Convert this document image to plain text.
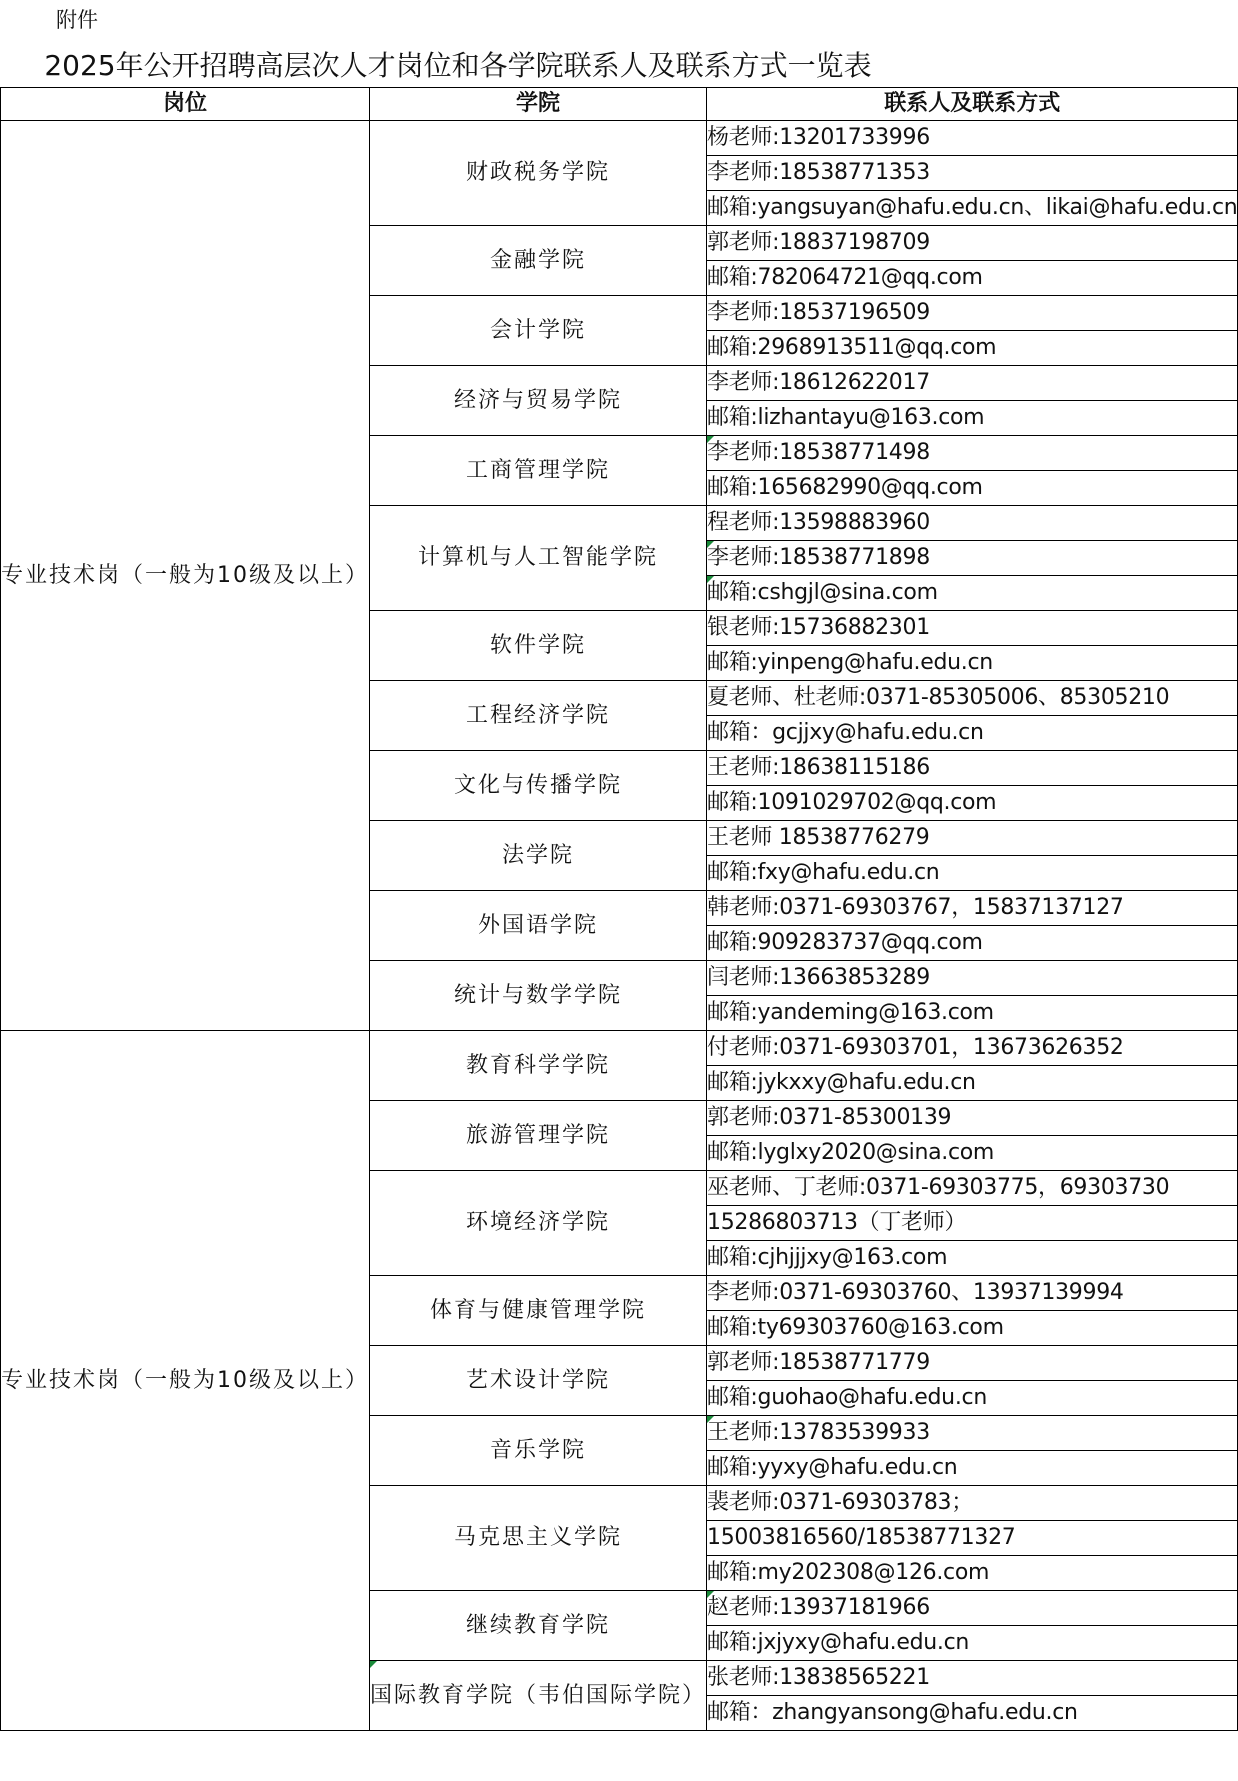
附件
2025年公开招聘高层次人才岗位和各学院联系人及联系方式一览表
岗位	学院	联系人及联系方式
专业技术岗（一般为10级及以上）	财政税务学院	杨老师:13201733996
		李老师:18538771353
		邮箱:yangsuyan@hafu.edu.cn、likai@hafu.edu.cn
	金融学院	郭老师:18837198709
		邮箱:782064721@qq.com
	会计学院	李老师:18537196509
		邮箱:2968913511@qq.com
	经济与贸易学院	李老师:18612622017
		邮箱:lizhantayu@163.com
	工商管理学院	李老师:18538771498
		邮箱:165682990@qq.com
	计算机与人工智能学院	程老师:13598883960
		李老师:18538771898
		邮箱:cshgjl@sina.com
	软件学院	银老师:15736882301
		邮箱:yinpeng@hafu.edu.cn
	工程经济学院	夏老师、杜老师:0371-85305006、85305210
		邮箱：gcjjxy@hafu.edu.cn
	文化与传播学院	王老师:18638115186
		邮箱:1091029702@qq.com
	法学院	王老师 18538776279
		邮箱:fxy@hafu.edu.cn
	外国语学院	韩老师:0371-69303767，15837137127
		邮箱:909283737@qq.com
	统计与数学学院	闫老师:13663853289
		邮箱:yandeming@163.com
专业技术岗（一般为10级及以上）	教育科学学院	付老师:0371-69303701，13673626352
		邮箱:jykxxy@hafu.edu.cn
	旅游管理学院	郭老师:0371-85300139
		邮箱:lyglxy2020@sina.com
	环境经济学院	巫老师、丁老师:0371-69303775，69303730
		15286803713（丁老师）
		邮箱:cjhjjjxy@163.com
	体育与健康管理学院	李老师:0371-69303760、13937139994
		邮箱:ty69303760@163.com
	艺术设计学院	郭老师:18538771779
		邮箱:guohao@hafu.edu.cn
	音乐学院	王老师:13783539933
		邮箱:yyxy@hafu.edu.cn
	马克思主义学院	裴老师:0371-69303783；
		15003816560/18538771327
		邮箱:my202308@126.com
	继续教育学院	赵老师:13937181966
		邮箱:jxjyxy@hafu.edu.cn
	国际教育学院（韦伯国际学院）	张老师:13838565221
		邮箱：zhangyansong@hafu.edu.cn
